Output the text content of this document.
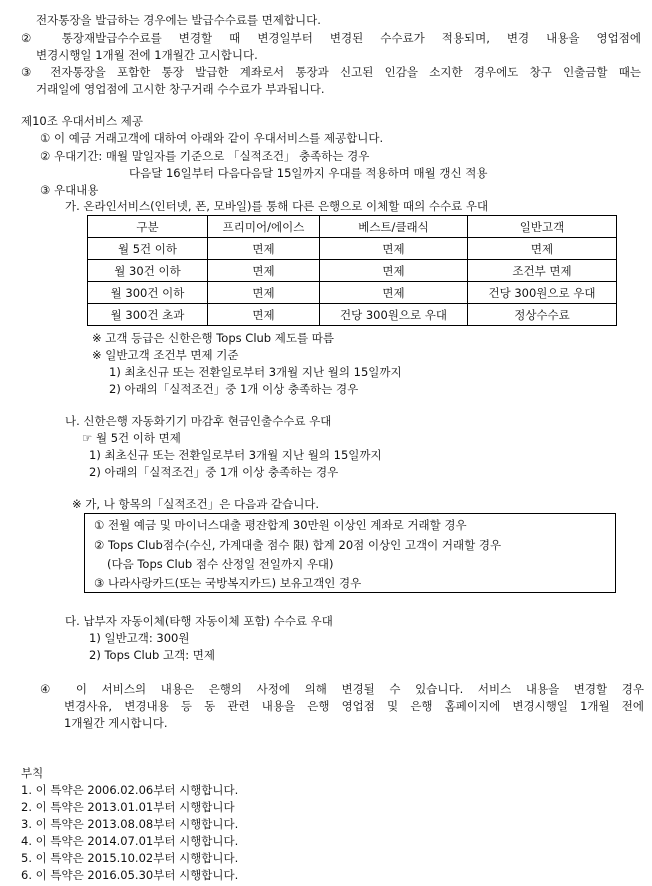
전자통장을 발급하는 경우에는 발급수수료를 면제합니다.
② 통장재발급수수료를 변경할 때 변경일부터 변경된 수수료가 적용되며, 변경 내용을 영업점에
변경시행일 1개월 전에 1개월간 고시합니다.
③ 전자통장을 포함한 통장 발급한 계좌로서 통장과 신고된 인감을 소지한 경우에도 창구 인출금할 때는
거래일에 영업점에 고시한 창구거래 수수료가 부과됩니다.
제10조 우대서비스 제공
① 이 예금 거래고객에 대하여 아래와 같이 우대서비스를 제공합니다.
② 우대기간: 매월 말일자를 기준으로 「실적조건」 충족하는 경우
다음달 16일부터 다음다음달 15일까지 우대를 적용하며 매월 갱신 적용
③ 우대내용
가. 온라인서비스(인터넷, 폰, 모바일)를 통해 다른 은행으로 이체할 때의 수수료 우대
구분	프리미어/에이스	베스트/클래식	일반고객
월 5건 이하	면제	면제	면제
월 30건 이하	면제	면제	조건부 면제
월 300건 이하	면제	면제	건당 300원으로 우대
월 300건 초과	면제	건당 300원으로 우대	정상수수료
※ 고객 등급은 신한은행 Tops Club 제도를 따름
※ 일반고객 조건부 면제 기준
1) 최초신규 또는 전환일로부터 3개월 지난 월의 15일까지
2) 아래의「실적조건」중 1개 이상 충족하는 경우
나. 신한은행 자동화기기 마감후 현금인출수수료 우대
☞ 월 5건 이하 면제
1) 최초신규 또는 전환일로부터 3개월 지난 월의 15일까지
2) 아래의「실적조건」중 1개 이상 충족하는 경우
※ 가, 나 항목의「실적조건」은 다음과 같습니다.
① 전월 예금 및 마이너스대출 평잔합계 30만원 이상인 계좌로 거래할 경우
② Tops Club점수(수신, 가계대출 점수 限) 합계 20점 이상인 고객이 거래할 경우
(다음 Tops Club 점수 산정일 전일까지 우대)
③ 나라사랑카드(또는 국방복지카드) 보유고객인 경우
다. 납부자 자동이체(타행 자동이체 포함) 수수료 우대
1) 일반고객: 300원
2) Tops Club 고객: 면제
④ 이 서비스의 내용은 은행의 사정에 의해 변경될 수 있습니다. 서비스 내용을 변경할 경우
변경사유, 변경내용 등 동 관련 내용을 은행 영업점 및 은행 홈페이지에 변경시행일 1개월 전에
1개월간 게시합니다.
부칙
1. 이 특약은 2006.02.06부터 시행합니다.
2. 이 특약은 2013.01.01부터 시행합니다
3. 이 특약은 2013.08.08부터 시행합니다.
4. 이 특약은 2014.07.01부터 시행합니다.
5. 이 특약은 2015.10.02부터 시행합니다.
6. 이 특약은 2016.05.30부터 시행합니다.
